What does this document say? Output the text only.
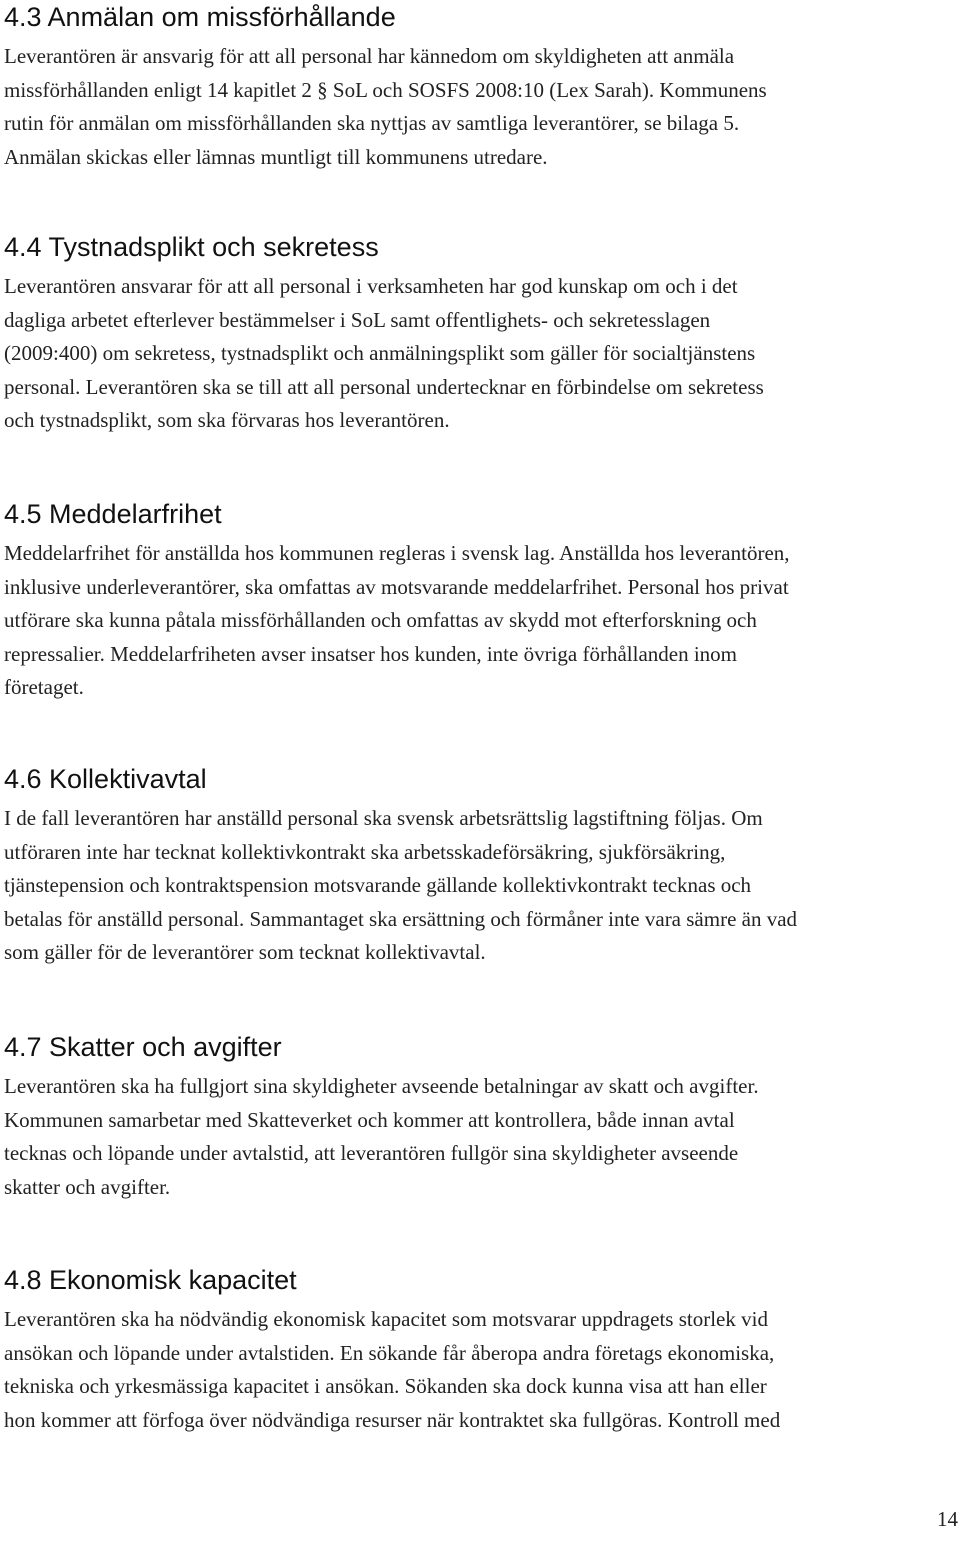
4.3 Anmälan om missförhållande

Leverantören är ansvarig för att all personal har kännedom om skyldigheten att anmäla
missförhållanden enligt 14 kapitlet 2 § SoL och SOSFS 2008:10 (Lex Sarah). Kommunens
rutin för anmälan om missförhållanden ska nyttjas av samtliga leverantörer, se bilaga 5.
Anmälan skickas eller lämnas muntligt till kommunens utredare.

4.4 Tystnadsplikt och sekretess

Leverantören ansvarar för att all personal i verksamheten har god kunskap om och i det
dagliga arbetet efterlever bestämmelser i SoL samt offentlighets- och sekretesslagen
(2009:400) om sekretess, tystnadsplikt och anmälningsplikt som gäller för socialtjänstens
personal. Leverantören ska se till att all personal undertecknar en förbindelse om sekretess
och tystnadsplikt, som ska förvaras hos leverantören.

4.5 Meddelarfrihet

Meddelarfrihet för anställda hos kommunen regleras i svensk lag. Anställda hos leverantören,
inklusive underleverantörer, ska omfattas av motsvarande meddelarfrihet. Personal hos privat
utförare ska kunna påtala missförhållanden och omfattas av skydd mot efterforskning och
repressalier. Meddelarfriheten avser insatser hos kunden, inte övriga förhållanden inom
företaget.

4.6 Kollektivavtal

I de fall leverantören har anställd personal ska svensk arbetsrättslig lagstiftning följas. Om
utföraren inte har tecknat kollektivkontrakt ska arbetsskadeförsäkring, sjukförsäkring,
tjänstepension och kontraktspension motsvarande gällande kollektivkontrakt tecknas och
betalas för anställd personal. Sammantaget ska ersättning och förmåner inte vara sämre än vad
som gäller för de leverantörer som tecknat kollektivavtal.

4.7 Skatter och avgifter

Leverantören ska ha fullgjort sina skyldigheter avseende betalningar av skatt och avgifter.
Kommunen samarbetar med Skatteverket och kommer att kontrollera, både innan avtal
tecknas och löpande under avtalstid, att leverantören fullgör sina skyldigheter avseende
skatter och avgifter.

4.8 Ekonomisk kapacitet

Leverantören ska ha nödvändig ekonomisk kapacitet som motsvarar uppdragets storlek vid
ansökan och löpande under avtalstiden. En sökande får åberopa andra företags ekonomiska,
tekniska och yrkesmässiga kapacitet i ansökan. Sökanden ska dock kunna visa att han eller
hon kommer att förfoga över nödvändiga resurser när kontraktet ska fullgöras. Kontroll med

14
